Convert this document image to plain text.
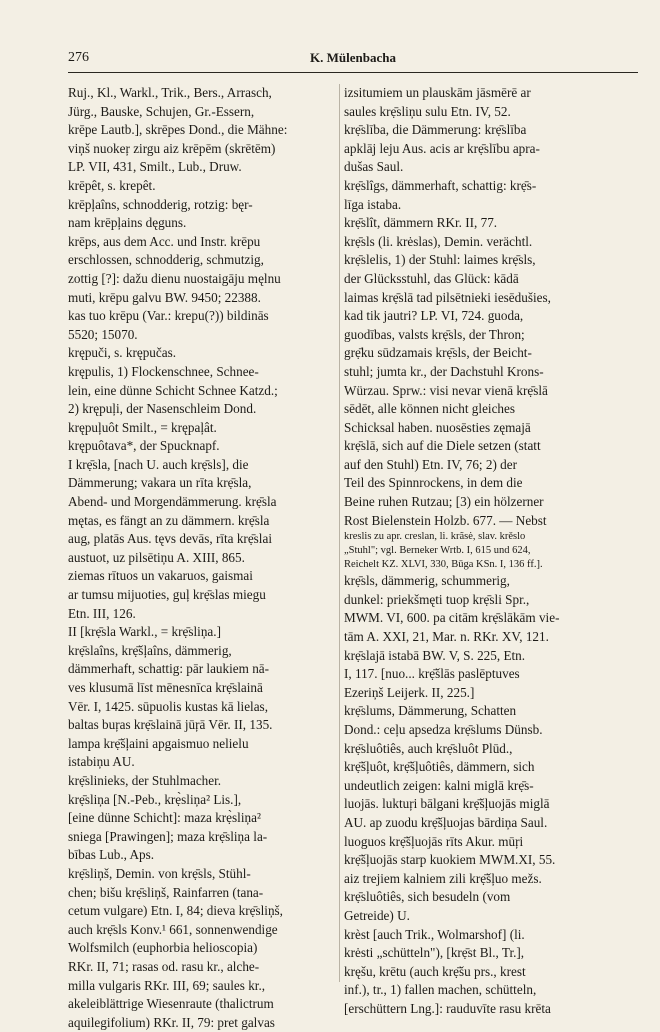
276	K. Mülenbacha
Ruj., Kl., Warkl., Trik., Bers., Arrasch,
Jürg., Bauske, Schujen, Gr.-Essern,
krēpe Lautb.], skrēpes Dond., die Mähne:
viņš nuokeŗ zirgu aiz krēpēm (skrētēm)
LP. VII, 431, Smilt., Lub., Druw.
krēpêt, s. krepêt.
krēpļaîns, schnodderig, rotzig: bęr-
nam krēpļains dęguns.
krēps, aus dem Acc. und Instr. krēpu
erschlossen, schnodderig, schmutzig,
zottig [?]: dažu dienu nuostaigāju męlnu
muti, krēpu galvu BW. 9450; 22388.
kas tuo krēpu (Var.: krepu(?)) bildinās
5520; 15070.
krępuči, s. krępučas.
krępulis, 1) Flockenschnee, Schnee-
lein, eine dünne Schicht Schnee Katzd.;
2) krępuļi, der Nasenschleim Dond.
krępuļuôt Smilt., = krępaļât.
krępuôtava*, der Spucknapf.
I krẹ̄sla, [nach U. auch krẹ̄sls], die
Dämmerung; vakara un rīta krẹ̄sla,
Abend- und Morgendämmerung. krẹ̄sla
mętas, es fängt an zu dämmern. krẹ̄sla
aug, platās Aus. tęvs devās, rīta krẹ̄slai
austuot, uz pilsētiņu A. XIII, 865.
ziemas rītuos un vakaruos, gaismai
ar tumsu mijuoties, guļ krẹ̄slas miegu
Etn. III, 126.
II [krẹ̄sla Warkl., = krẹ̄sliņa.]
krẹ̄slaîns, krẹ̄šļaîns, dämmerig,
dämmerhaft, schattig: pār laukiem nā-
ves klusumā līst mēnesnīca krẹ̄slainā
Vēr. I, 1425. sūpuolis kustas kā lielas,
baltas buŗas krẹ̄slainā jūŗā Vēr. II, 135.
lampa krẹ̄šļaini apgaismuo nelielu
istabiņu AU.
krẹ̄slinieks, der Stuhlmacher.
krẹ̄sliņa [N.-Peb., krẹ̀sliņa² Lis.],
[eine dünne Schicht]: maza krẹ̀sliņa²
sniega [Prawingen]; maza krẹ̄sliņa la-
bības Lub., Aps.
krẹ̄sliņš, Demin. von krẹ̄sls, Stühl-
chen; bišu krẹ̄sliņš, Rainfarren (tana-
cetum vulgare) Etn. I, 84; dieva krẹ̄sliņš,
auch krẹ̄sls Konv.¹ 661, sonnenwendige
Wolfsmilch (euphorbia helioscopia)
RKr. II, 71; rasas od. rasu kr., alche-
milla vulgaris RKr. III, 69; saules kr.,
akeleiblättrige Wiesenraute (thalictrum
aquilegifolium) RKr. II, 79: pret galvas
izsitumiem un plauskām jāsmērē ar
saules krẹ̄sliņu sulu Etn. IV, 52.
krẹ̄slība, die Dämmerung: krẹ̄slība
apklāj leju Aus. acis ar krẹ̄slību apra-
dušas Saul.
krẹ̄slîgs, dämmerhaft, schattig: krẹ̄s-
līga istaba.
krẹ̄slît, dämmern RKr. II, 77.
krẹ̄sls (li. krėslas), Demin. verächtl.
krẹ̄slelis, 1) der Stuhl: laimes krẹ̄sls,
der Glücksstuhl, das Glück: kādā
laimas krẹ̄slā tad pilsētnieki iesēdušies,
kad tik jautri? LP. VI, 724. guoda,
guodības, valsts krẹ̄sls, der Thron;
grẹ̄ku sūdzamais krẹ̄sls, der Beicht-
stuhl; jumta kr., der Dachstuhl Krons-
Würzau. Sprw.: visi nevar vienā krẹ̄slā
sēdēt, alle können nicht gleiches
Schicksal haben. nuosēsties zęmajā
krẹ̄slā, sich auf die Diele setzen (statt
auf den Stuhl) Etn. IV, 76; 2) der
Teil des Spinnrockens, in dem die
Beine ruhen Rutzau; [3) ein hölzerner
Rost Bielenstein Holzb. 677. — Nebst
kreslis zu apr. creslan, li. krãsė, slav. krěslo
„Stuhl"; vgl. Berneker Wrtb. I, 615 und 624,
Reichelt KZ. XLVI, 330, Būga KSn. I, 136 ff.].
krẹ̄sls, dämmerig, schummerig,
dunkel: priekšmęti tuop krẹ̄sli Spr.,
MWM. VI, 600. pa citām krẹ̄slākām vie-
tām A. XXI, 21, Mar. n. RKr. XV, 121.
krẹ̄slajā istabā BW. V, S. 225, Etn.
I, 117. [nuo... krẹ̄šlās paslēptuves
Ezeriņš Leijerk. II, 225.]
krẹ̄slums, Dämmerung, Schatten
Dond.: ceļu apsedza krẹ̄slums Dünsb.
krẹ̄sluôtiês, auch krẹ̄sluôt Plūd.,
krẹ̄šļuôt, krẹ̄šļuôtiês, dämmern, sich
undeutlich zeigen: kalni miglā krẹ̄s-
luojās. luktuŗi bālgani krẹ̄šļuojās miglā
AU. ap zuodu krẹ̄šļuojas bārdiņa Saul.
luoguos krẹ̄šļuojās rīts Akur. mūŗi
krẹ̄šļuojās starp kuokiem MWM.XI, 55.
aiz trejiem kalniem zili krẹ̄šļuo mežs.
krẹ̄sluôtiês, sich besudeln (vom
Getreide) U.
krèst [auch Trik., Wolmarshof] (li.
krėsti „schütteln"), [krẹ̄st Bl., Tr.],
kręšu, krētu (auch krẹ̄šu prs., krest
inf.), tr., 1) fallen machen, schütteln,
[erschüttern Lng.]: rauduvīte rasu krēta
